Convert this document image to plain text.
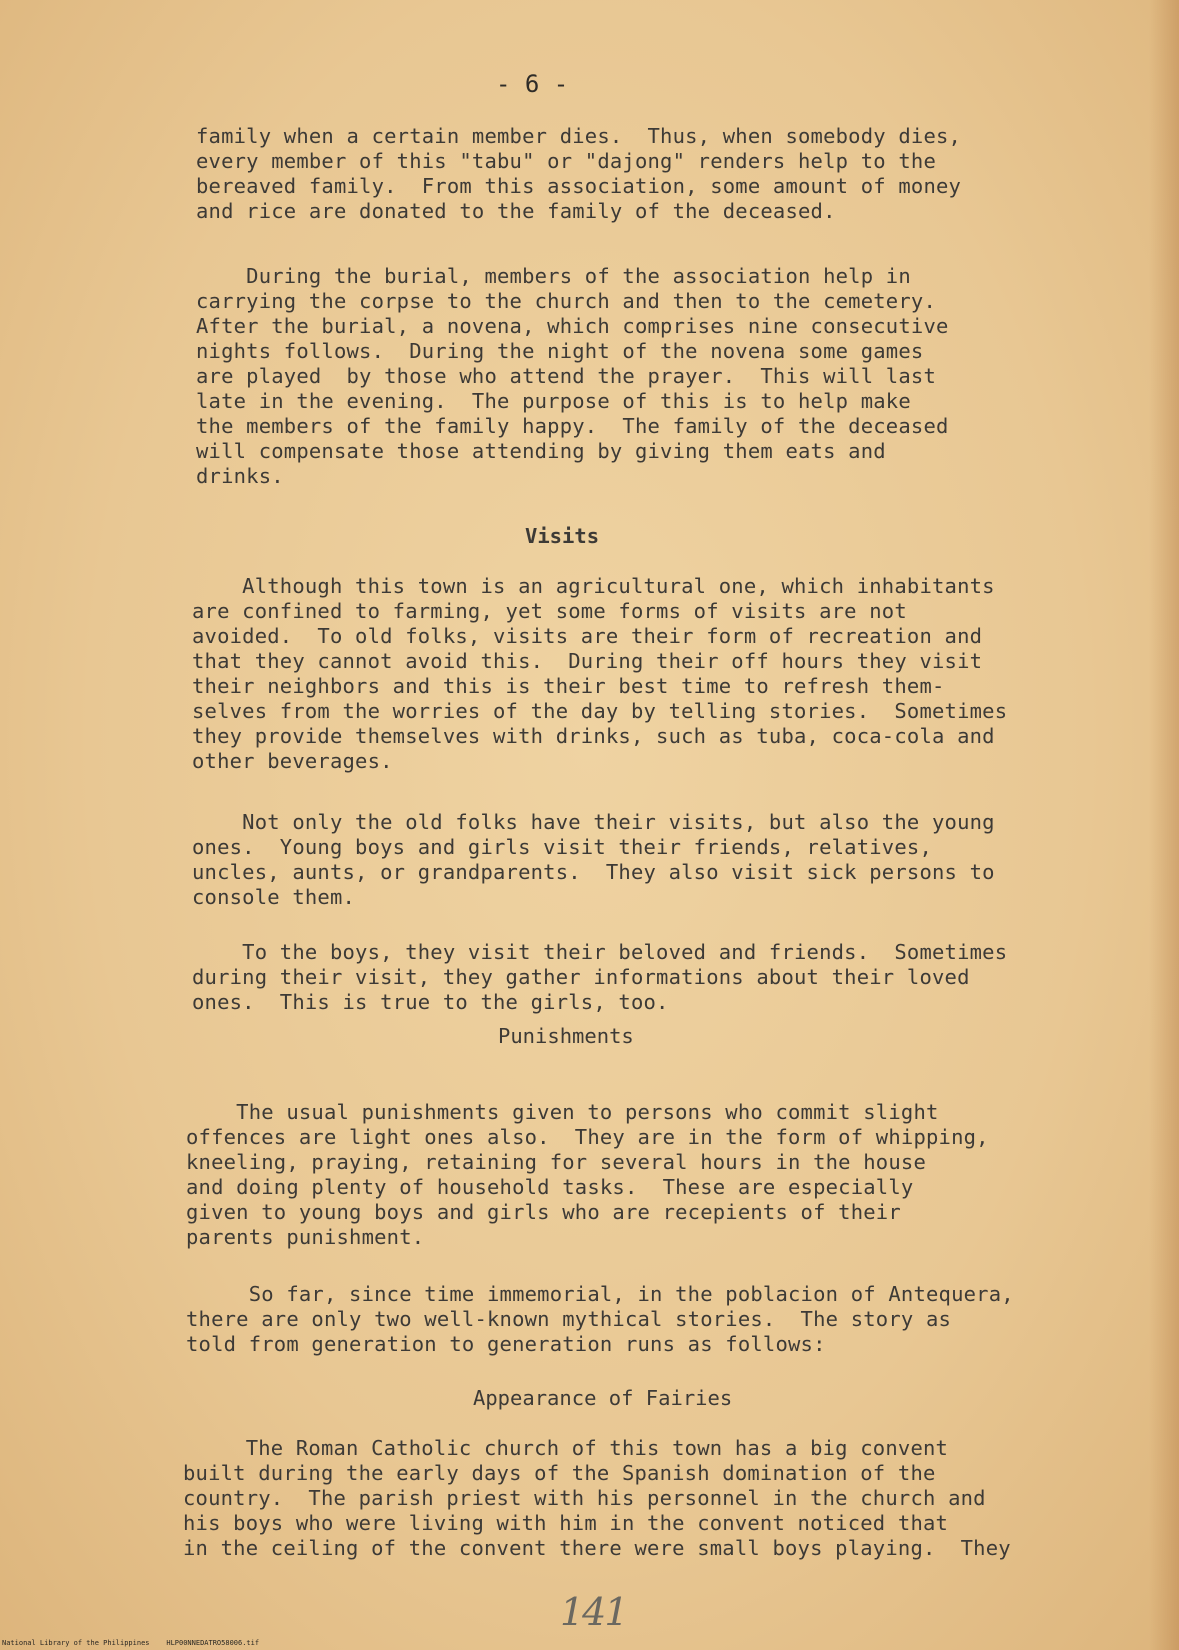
- 6 -
family when a certain member dies.  Thus, when somebody dies,
every member of this "tabu" or "dajong" renders help to the
bereaved family.  From this association, some amount of money
and rice are donated to the family of the deceased.
During the burial, members of the association help in
carrying the corpse to the church and then to the cemetery.
After the burial, a novena, which comprises nine consecutive
nights follows.  During the night of the novena some games
are played  by those who attend the prayer.  This will last
late in the evening.  The purpose of this is to help make
the members of the family happy.  The family of the deceased
will compensate those attending by giving them eats and
drinks.
Visits
Although this town is an agricultural one, which inhabitants
are confined to farming, yet some forms of visits are not
avoided.  To old folks, visits are their form of recreation and
that they cannot avoid this.  During their off hours they visit
their neighbors and this is their best time to refresh them-
selves from the worries of the day by telling stories.  Sometimes
they provide themselves with drinks, such as tuba, coca-cola and
other beverages.
Not only the old folks have their visits, but also the young
ones.  Young boys and girls visit their friends, relatives,
uncles, aunts, or grandparents.  They also visit sick persons to
console them.
To the boys, they visit their beloved and friends.  Sometimes
during their visit, they gather informations about their loved
ones.  This is true to the girls, too.
Punishments
The usual punishments given to persons who commit slight
offences are light ones also.  They are in the form of whipping,
kneeling, praying, retaining for several hours in the house
and doing plenty of household tasks.  These are especially
given to young boys and girls who are recepients of their
parents punishment.
So far, since time immemorial, in the poblacion of Antequera,
there are only two well-known mythical stories.  The story as
told from generation to generation runs as follows:
Appearance of Fairies
The Roman Catholic church of this town has a big convent
built during the early days of the Spanish domination of the
country.  The parish priest with his personnel in the church and
his boys who were living with him in the convent noticed that
in the ceiling of the convent there were small boys playing.  They
141
National Library of the Philippines    HLP00NNEDATRO58006.tif
